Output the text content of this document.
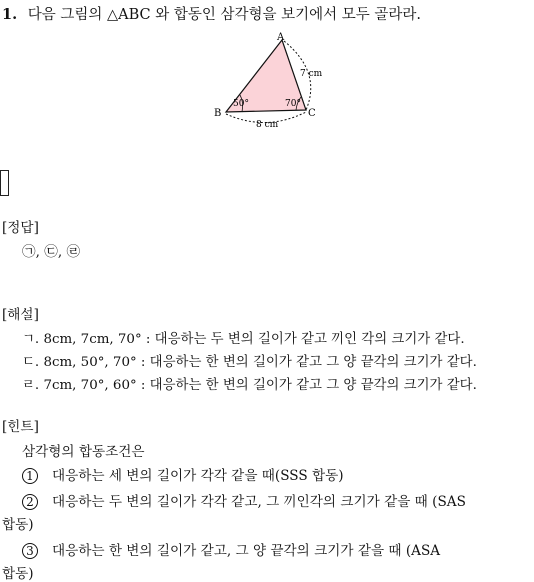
1. 다음 그림의 △ABC 와 합동인 삼각형을 보기에서 모두 골라라.
A
B	C
50°	70°
7 cm
8 cm
[정답]
㉠, ㉢, ㉣
[해설]
ㄱ. 8cm, 7cm, 70° : 대응하는 두 변의 길이가 같고 끼인 각의 크기가 같다.
ㄷ. 8cm, 50°, 70° : 대응하는 한 변의 길이가 같고 그 양 끝각의 크기가 같다.
ㄹ. 7cm, 70°, 60° : 대응하는 한 변의 길이가 같고 그 양 끝각의 크기가 같다.
[힌트]
삼각형의 합동조건은
1 대응하는 세 변의 길이가 각각 같을 때(SSS 합동)
2 대응하는 두 변의 길이가 각각 같고, 그 끼인각의 크기가 같을 때 (SAS
합동)
3 대응하는 한 변의 길이가 같고, 그 양 끝각의 크기가 같을 때 (ASA
합동)
